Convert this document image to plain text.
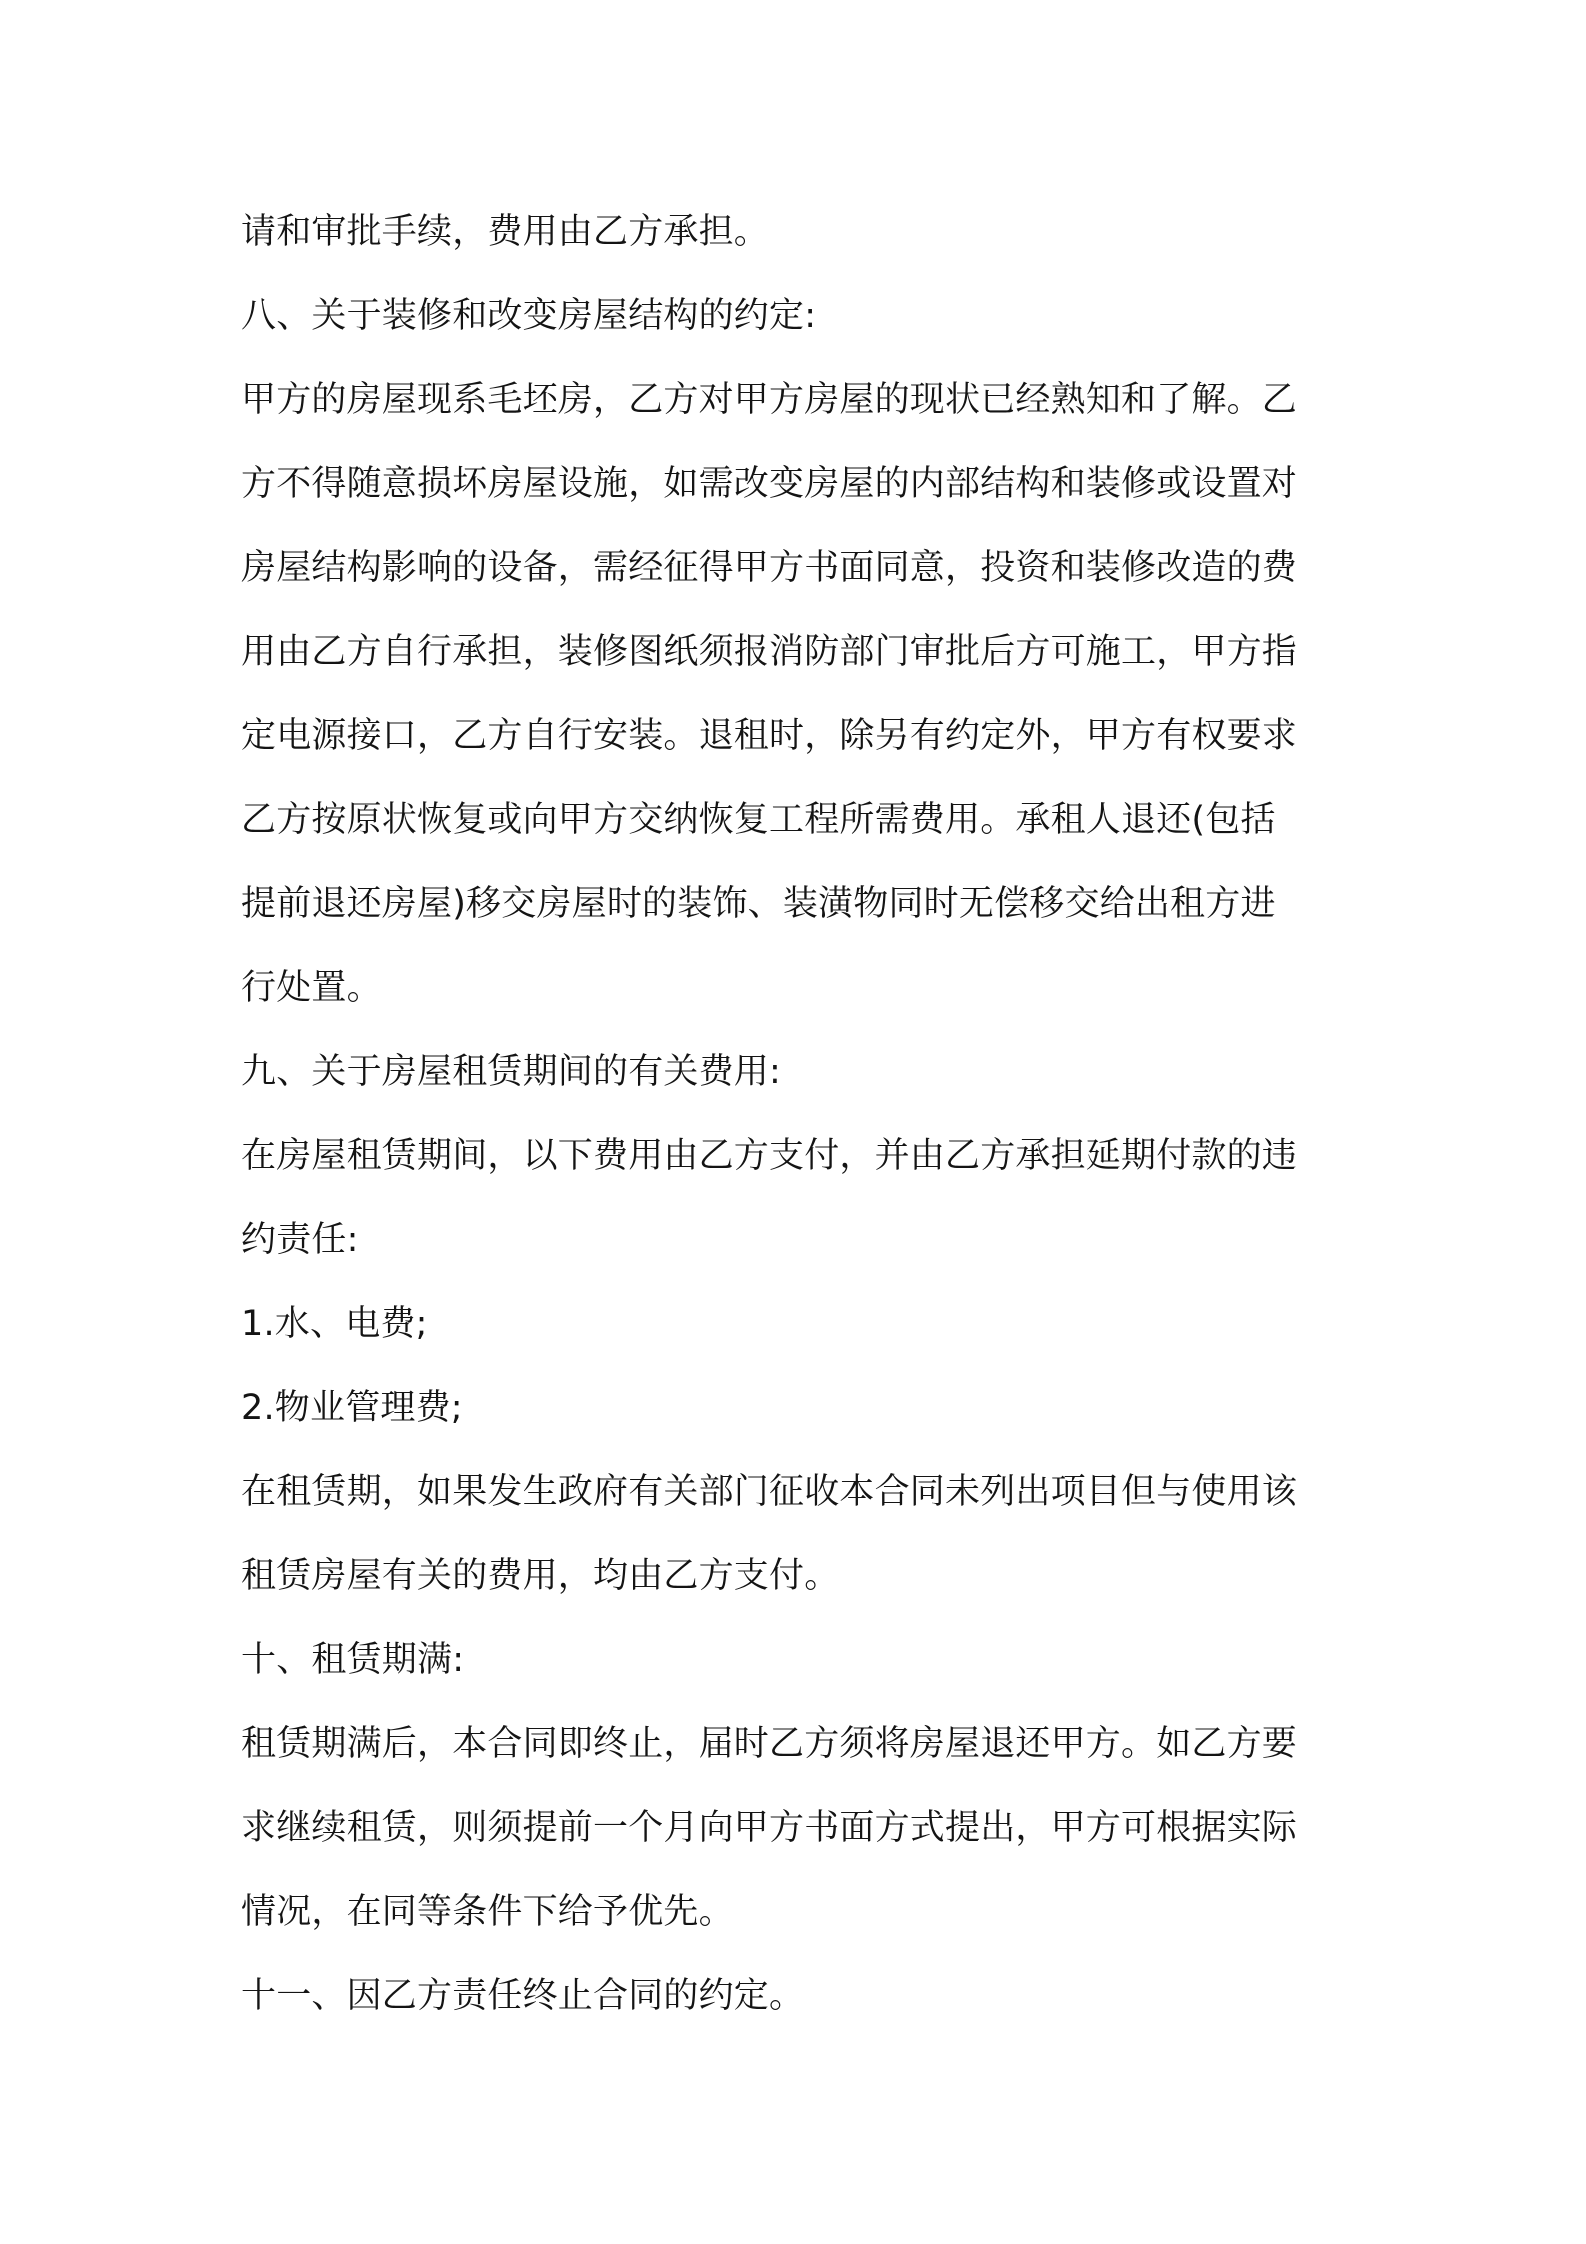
请和审批手续，费用由乙方承担。
八、关于装修和改变房屋结构的约定:
甲方的房屋现系毛坯房，乙方对甲方房屋的现状已经熟知和了解。乙
方不得随意损坏房屋设施，如需改变房屋的内部结构和装修或设置对
房屋结构影响的设备，需经征得甲方书面同意，投资和装修改造的费
用由乙方自行承担，装修图纸须报消防部门审批后方可施工，甲方指
定电源接口，乙方自行安装。退租时，除另有约定外，甲方有权要求
乙方按原状恢复或向甲方交纳恢复工程所需费用。承租人退还(包括
提前退还房屋)移交房屋时的装饰、装潢物同时无偿移交给出租方进
行处置。
九、关于房屋租赁期间的有关费用:
在房屋租赁期间，以下费用由乙方支付，并由乙方承担延期付款的违
约责任:
1.水、电费;
2.物业管理费;
在租赁期，如果发生政府有关部门征收本合同未列出项目但与使用该
租赁房屋有关的费用，均由乙方支付。
十、租赁期满:
租赁期满后，本合同即终止，届时乙方须将房屋退还甲方。如乙方要
求继续租赁，则须提前一个月向甲方书面方式提出，甲方可根据实际
情况，在同等条件下给予优先。
十一、因乙方责任终止合同的约定。
